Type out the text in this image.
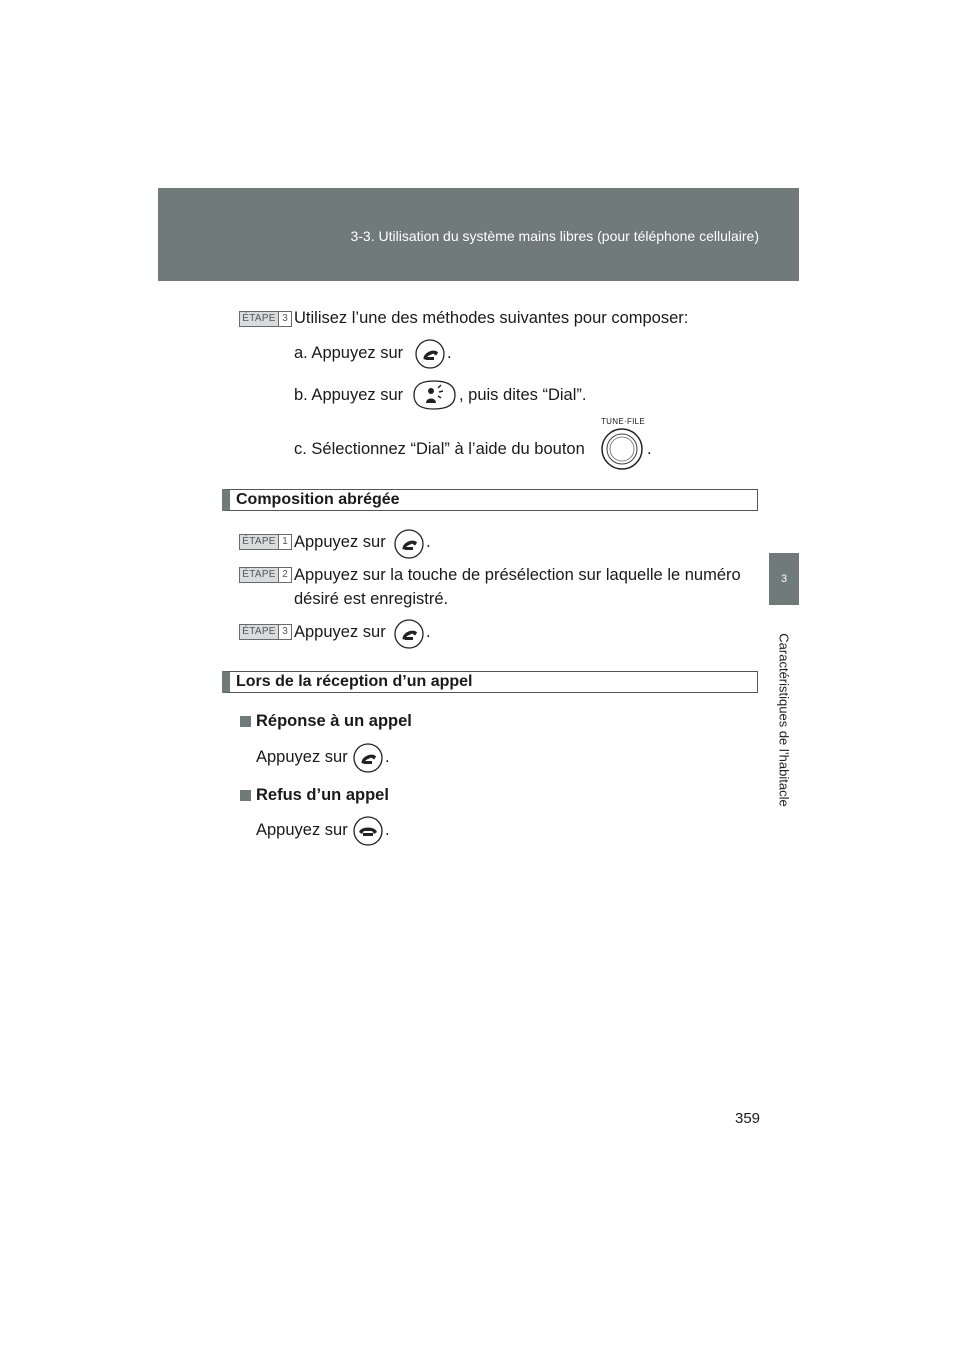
3-3. Utilisation du système mains libres (pour téléphone cellulaire)
3
Caractéristiques de l’habitacle
ÉTAPE 3 Utilisez l’une des méthodes suivantes pour composer:
a. Appuyez sur	.
b. Appuyez sur	, puis dites “Dial”.
c. Sélectionnez “Dial” à l’aide du bouton
TUNE·FILE
.
Composition abrégée
ÉTAPE 1 Appuyez sur .
ÉTAPE 2 Appuyez sur la touche de présélection sur laquelle le numéro
désiré est enregistré.
ÉTAPE 3 Appuyez sur .
Lors de la réception d’un appel
Réponse à un appel
Appuyez sur .
Refus d’un appel
Appuyez sur .
359
